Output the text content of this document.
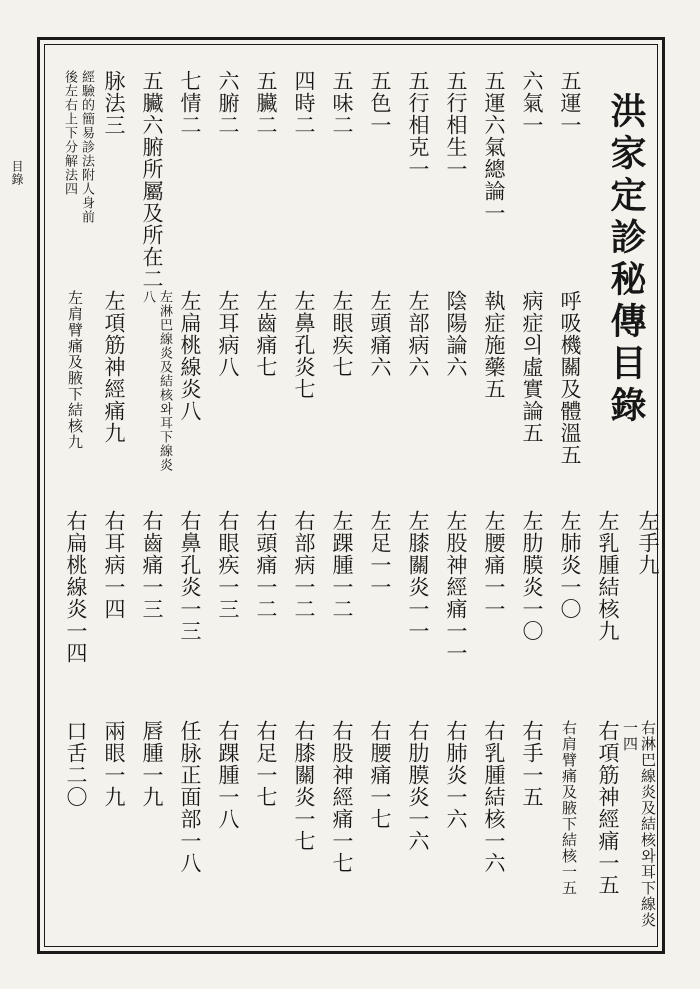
目錄	洪家定診秘傳目錄
五運一
六氣一
五運六氣總論一
五行相生一
五行相克一
五色一
五味二
四時二
五臟二
六腑二
七情二
五臟六腑所屬及所在二
脉法三
經驗的簡易診法附人身前
後左右上下分解法四
呼吸機關及體溫五
病症의虛實論五
執症施藥五
陰陽論六
左部病六
左頭痛六
左眼疾七
左鼻孔炎七
左齒痛七
左耳病八
左扁桃線炎八
左淋巴線炎及結核와耳下線炎
八
左項筋神經痛九
左肩臂痛及腋下結核九
左手九
左乳腫結核九
左肺炎一〇
左肋膜炎一〇
左腰痛一一
左股神經痛一一
左膝關炎一一
左足一一
左踝腫一二
右部病一二
右頭痛一二
右眼疾一三
右鼻孔炎一三
右齒痛一三
右耳病一四
右扁桃線炎一四
右淋巴線炎及結核와耳下線炎
一四
右項筋神經痛一五
右肩臂痛及腋下結核一五
右手一五
右乳腫結核一六
右肺炎一六
右肋膜炎一六
右腰痛一七
右股神經痛一七
右膝關炎一七
右足一七
右踝腫一八
任脉正面部一八
唇腫一九
兩眼一九
口舌二〇
